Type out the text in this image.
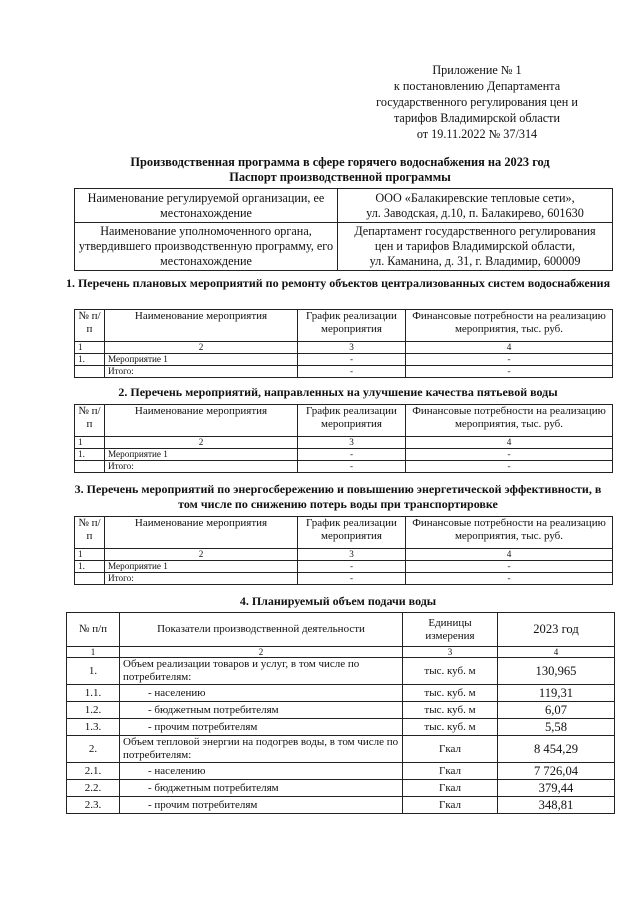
Приложение № 1
к постановлению Департамента
государственного регулирования цен и
тарифов Владимирской области
от 19.11.2022 № 37/314
Производственная программа в сфере горячего водоснабжения на 2023 год
Паспорт производственной программы
Наименование регулируемой организации, ее местонахождение	ООО «Балакиревские тепловые сети»,
ул. Заводская, д.10, п. Балакирево, 601630

Наименование уполномоченного органа, утвердившего производственную программу, его местонахождение	Департамент государственного регулирования
цен и тарифов Владимирской области,
ул. Каманина, д. 31, г. Владимир, 600009
1. Перечень плановых мероприятий по ремонту объектов централизованных систем водоснабжения
№ п/п	Наименование мероприятия	График реализации мероприятия	Финансовые потребности на реализацию мероприятия, тыс. руб.
1	2	3	4
1.	Мероприятие 1	-	-
	Итого:	-	-
2. Перечень мероприятий, направленных на улучшение качества пятьевой воды
№ п/п	Наименование мероприятия	График реализации мероприятия	Финансовые потребности на реализацию мероприятия, тыс. руб.
1	2	3	4
1.	Мероприятие 1	-	-
	Итого:	-	-
3. Перечень мероприятий по энергосбережению и повышению энергетической эффективности, в том числе по снижению потерь воды при транспортировке
№ п/п	Наименование мероприятия	График реализации мероприятия	Финансовые потребности на реализацию мероприятия, тыс. руб.
1	2	3	4
1.	Мероприятие 1	-	-
	Итого:	-	-
4. Планируемый объем подачи воды
№ п/п	Показатели производственной деятельности	Единицы измерения	2023 год
1	2	3	4
1.	Объем реализации товаров и услуг, в том числе по потребителям:	тыс. куб. м	130,965
1.1.	- населению	тыс. куб. м	119,31
1.2.	- бюджетным потребителям	тыс. куб. м	6,07
1.3.	- прочим потребителям	тыс. куб. м	5,58
2.	Объем тепловой энергии на подогрев воды, в том числе по потребителям:	Гкал	8 454,29
2.1.	- населению	Гкал	7 726,04
2.2.	- бюджетным потребителям	Гкал	379,44
2.3.	- прочим потребителям	Гкал	348,81
